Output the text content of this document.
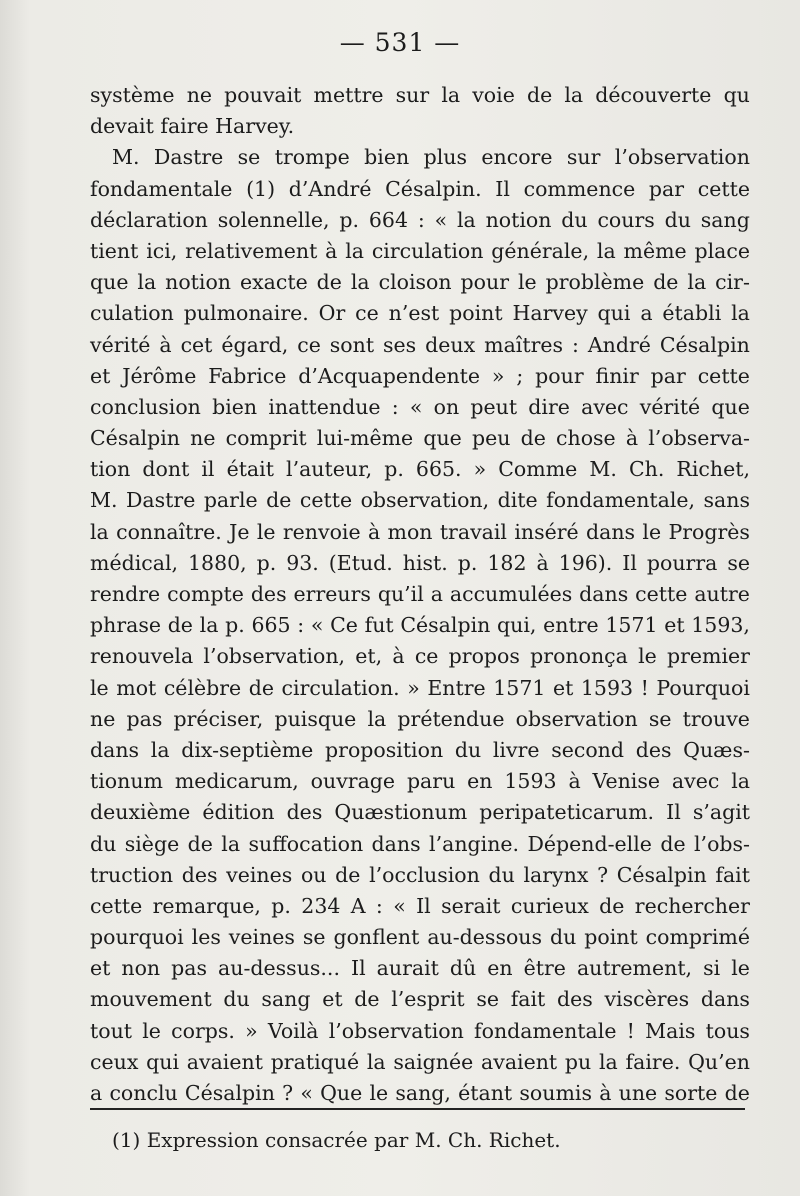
— 531 —
système ne pouvait mettre sur la voie de la découverte qu
devait faire Harvey.
M. Dastre se trompe bien plus encore sur l’observation
fondamentale (1) d’André Césalpin. Il commence par cette
déclaration solennelle, p. 664 : « la notion du cours du sang
tient ici, relativement à la circulation générale, la même place
que la notion exacte de la cloison pour le problème de la cir-
culation pulmonaire. Or ce n’est point Harvey qui a établi la
vérité à cet égard, ce sont ses deux maîtres : André Césalpin
et Jérôme Fabrice d’Acquapendente » ; pour finir par cette
conclusion bien inattendue : « on peut dire avec vérité que
Césalpin ne comprit lui-même que peu de chose à l’observa-
tion dont il était l’auteur, p. 665. » Comme M. Ch. Richet,
M. Dastre parle de cette observation, dite fondamentale, sans
la connaître. Je le renvoie à mon travail inséré dans le Progrès
médical, 1880, p. 93. (Etud. hist. p. 182 à 196). Il pourra se
rendre compte des erreurs qu’il a accumulées dans cette autre
phrase de la p. 665 : « Ce fut Césalpin qui, entre 1571 et 1593,
renouvela l’observation, et, à ce propos prononça le premier
le mot célèbre de circulation. » Entre 1571 et 1593 ! Pourquoi
ne pas préciser, puisque la prétendue observation se trouve
dans la dix-septième proposition du livre second des Quæs-
tionum medicarum, ouvrage paru en 1593 à Venise avec la
deuxième édition des Quæstionum peripateticarum. Il s’agit
du siège de la suffocation dans l’angine. Dépend-elle de l’obs-
truction des veines ou de l’occlusion du larynx ? Césalpin fait
cette remarque, p. 234 A : « Il serait curieux de rechercher
pourquoi les veines se gonflent au-dessous du point comprimé
et non pas au-dessus... Il aurait dû en être autrement, si le
mouvement du sang et de l’esprit se fait des viscères dans
tout le corps. » Voilà l’observation fondamentale ! Mais tous
ceux qui avaient pratiqué la saignée avaient pu la faire. Qu’en
a conclu Césalpin ? « Que le sang, étant soumis à une sorte de
(1) Expression consacrée par M. Ch. Richet.
